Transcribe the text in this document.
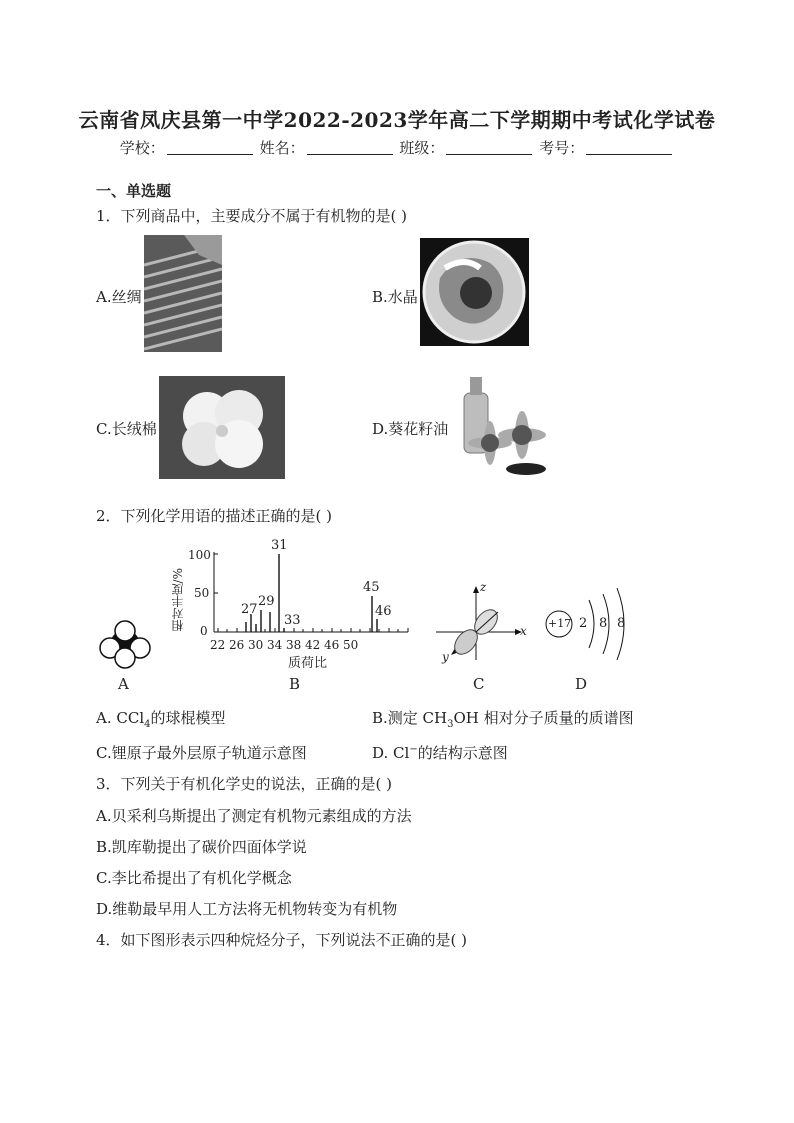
云南省凤庆县第一中学2022-2023学年高二下学期期中考试化学试卷
学校：	姓名：	班级：	考号：
一、单选题
1．下列商品中，主要成分不属于有机物的是( )
A.丝绸	B.水晶
C.长绒棉	D.葵花籽油
2．下列化学用语的描述正确的是( )
A
相对丰度/%
100
50
0
22 26 30 34 38 42 46 50
质荷比
31
27
29
33
45
46
B
z
x
y
C
+17 2 8 8
D
A. CCl$_4$的球棍模型	B.测定 $CH_3OH$ 相对分子质量的质谱图
C.锂原子最外层原子轨道示意图	D. Cl−的结构示意图
3．下列关于有机化学史的说法，正确的是( )
A.贝采利乌斯提出了测定有机物元素组成的方法
B.凯库勒提出了碳价四面体学说
C.李比希提出了有机化学概念
D.维勒最早用人工方法将无机物转变为有机物
4．如下图形表示四种烷烃分子，下列说法不正确的是( )
